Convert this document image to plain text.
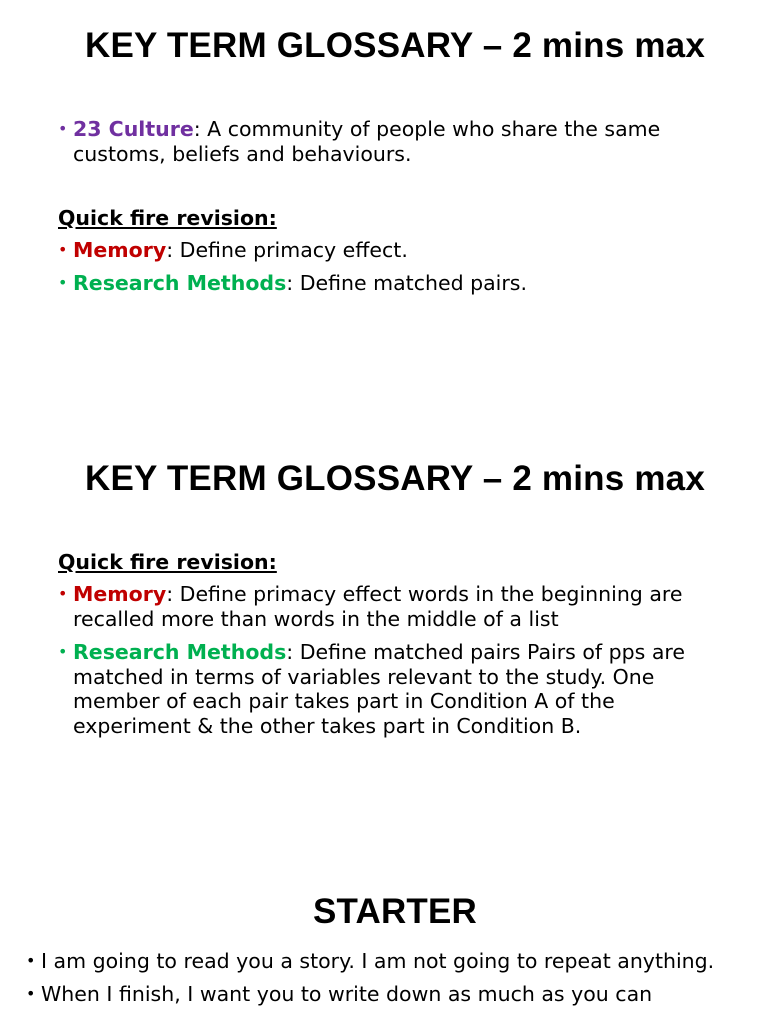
KEY TERM GLOSSARY – 2 mins max
• 23 Culture: A community of people who share the same customs, beliefs and behaviours.
Quick fire revision:
• Memory: Define primacy effect.
• Research Methods: Define matched pairs.
KEY TERM GLOSSARY – 2 mins max
Quick fire revision:
• Memory: Define primacy effect words in the beginning are recalled more than words in the middle of a list
• Research Methods: Define matched pairs Pairs of pps are matched in terms of variables relevant to the study. One member of each pair takes part in Condition A of the experiment & the other takes part in Condition B.
STARTER
• I am going to read you a story. I am not going to repeat anything.
• When I finish, I want you to write down as much as you can
